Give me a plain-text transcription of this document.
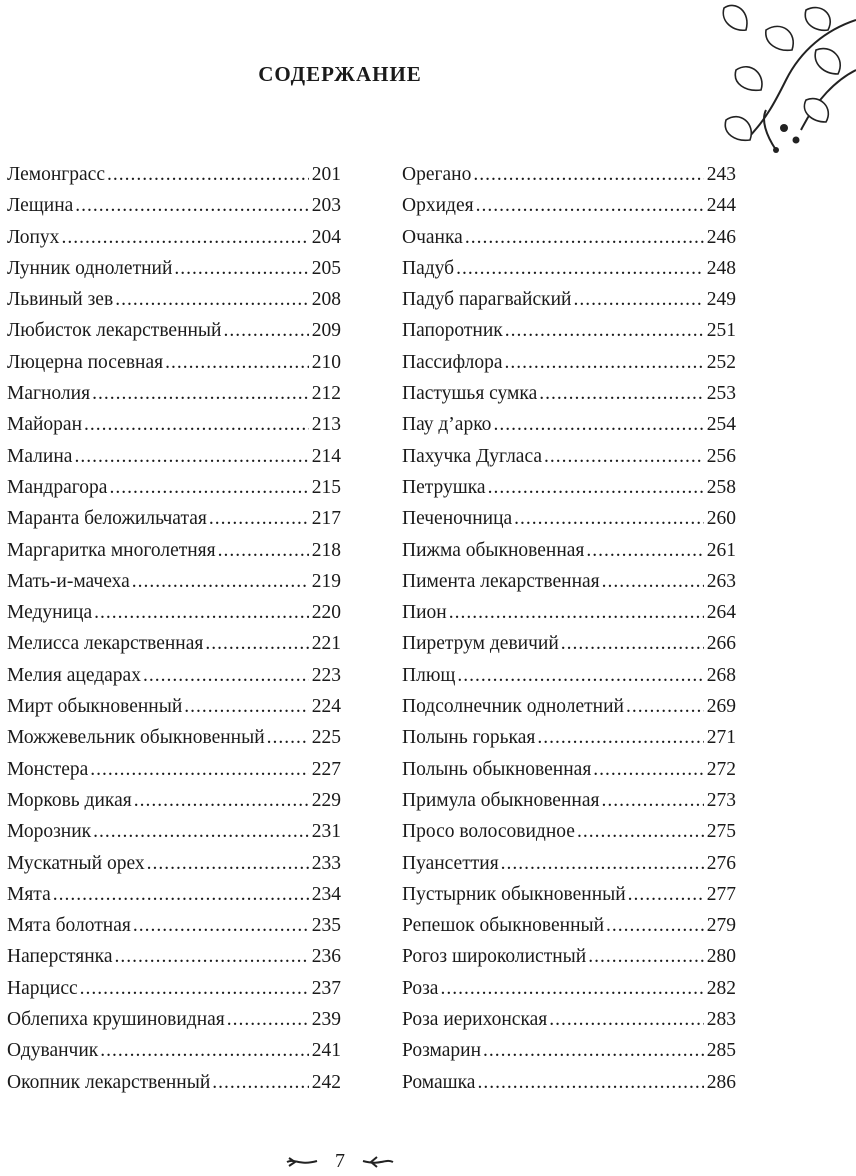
СОДЕРЖАНИЕ
Лемонграсс .....	201
Лещина .....	203
Лопух .....	204
Лунник однолетний .....	205
Львиный зев .....	208
Любисток лекарственный .....	209
Люцерна посевная .....	210
Магнолия .....	212
Майоран .....	213
Малина .....	214
Мандрагора .....	215
Маранта беложильчатая .....	217
Маргаритка многолетняя .....	218
Мать-и-мачеха .....	219
Медуница .....	220
Мелисса лекарственная .....	221
Мелия ацедарах .....	223
Мирт обыкновенный .....	224
Можжевельник обыкновенный ..... 225
Монстера .....	227
Морковь дикая .....	229
Морозник .....	231
Мускатный орех .....	233
Мята .....	234
Мята болотная .....	235
Наперстянка .....	236
Нарцисс .....	237
Облепиха крушиновидная .....	239
Одуванчик .....	241
Окопник лекарственный .....	242
Орегано .....	243
Орхидея .....	244
Очанка .....	246
Падуб .....	248
Падуб парагвайский .....	249
Папоротник .....	251
Пассифлора .....	252
Пастушья сумка .....	253
Пау д’арко .....	254
Пахучка Дугласа .....	256
Петрушка .....	258
Печеночница .....	260
Пижма обыкновенная .....	261
Пимента лекарственная .....	263
Пион .....	264
Пиретрум девичий .....	266
Плющ .....	268
Подсолнечник однолетний .....	269
Полынь горькая .....	271
Полынь обыкновенная .....	272
Примула обыкновенная .....	273
Просо волосовидное .....	275
Пуансеттия .....	276
Пустырник обыкновенный .....	277
Репешок обыкновенный .....	279
Рогоз широколистный .....	280
Роза .....	282
Роза иерихонская .....	283
Розмарин .....	285
Ромашка .....	286
7
